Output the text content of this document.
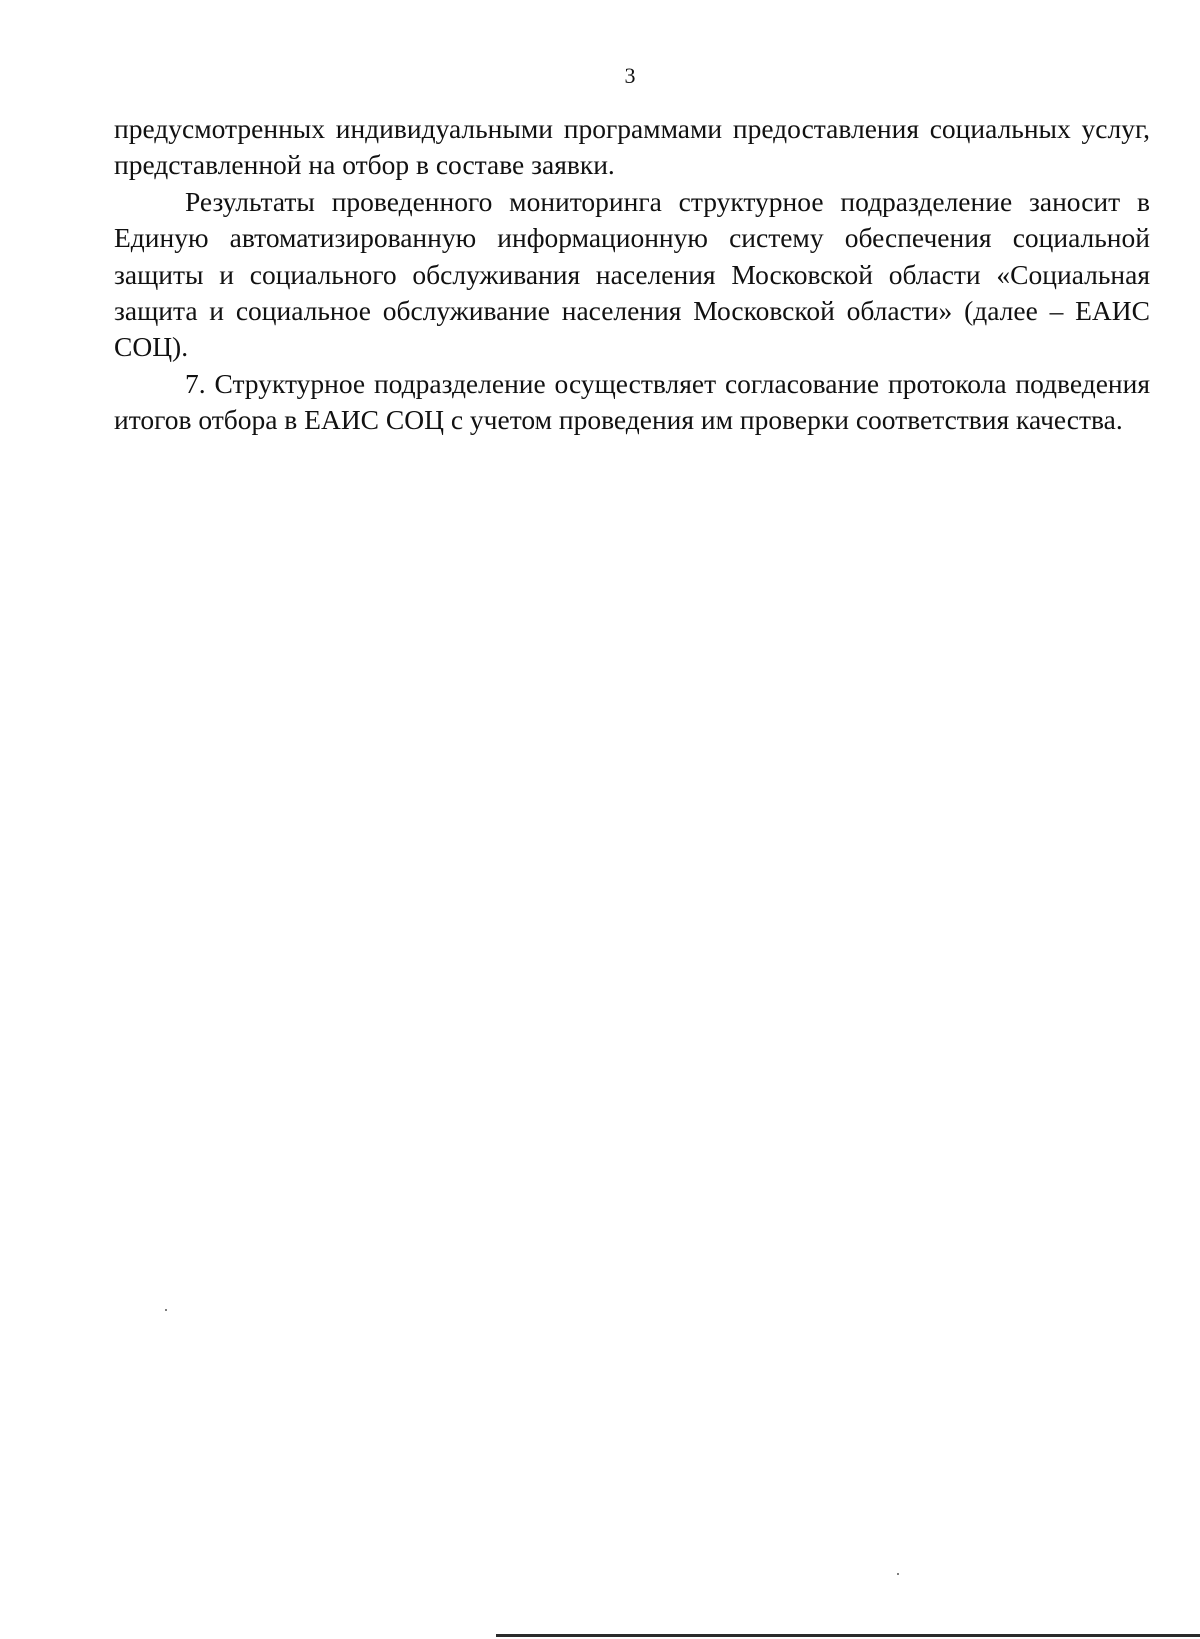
3

предусмотренных индивидуальными программами предоставления социальных услуг, представленной на отбор в составе заявки.

Результаты проведенного мониторинга структурное подразделение заносит в Единую автоматизированную информационную систему обеспечения социальной защиты и социального обслуживания населения Московской области «Социальная защита и социальное обслуживание населения Московской области» (далее – ЕАИС СОЦ).

7. Структурное подразделение осуществляет согласование протокола подведения итогов отбора в ЕАИС СОЦ с учетом проведения им проверки соответствия качества.
